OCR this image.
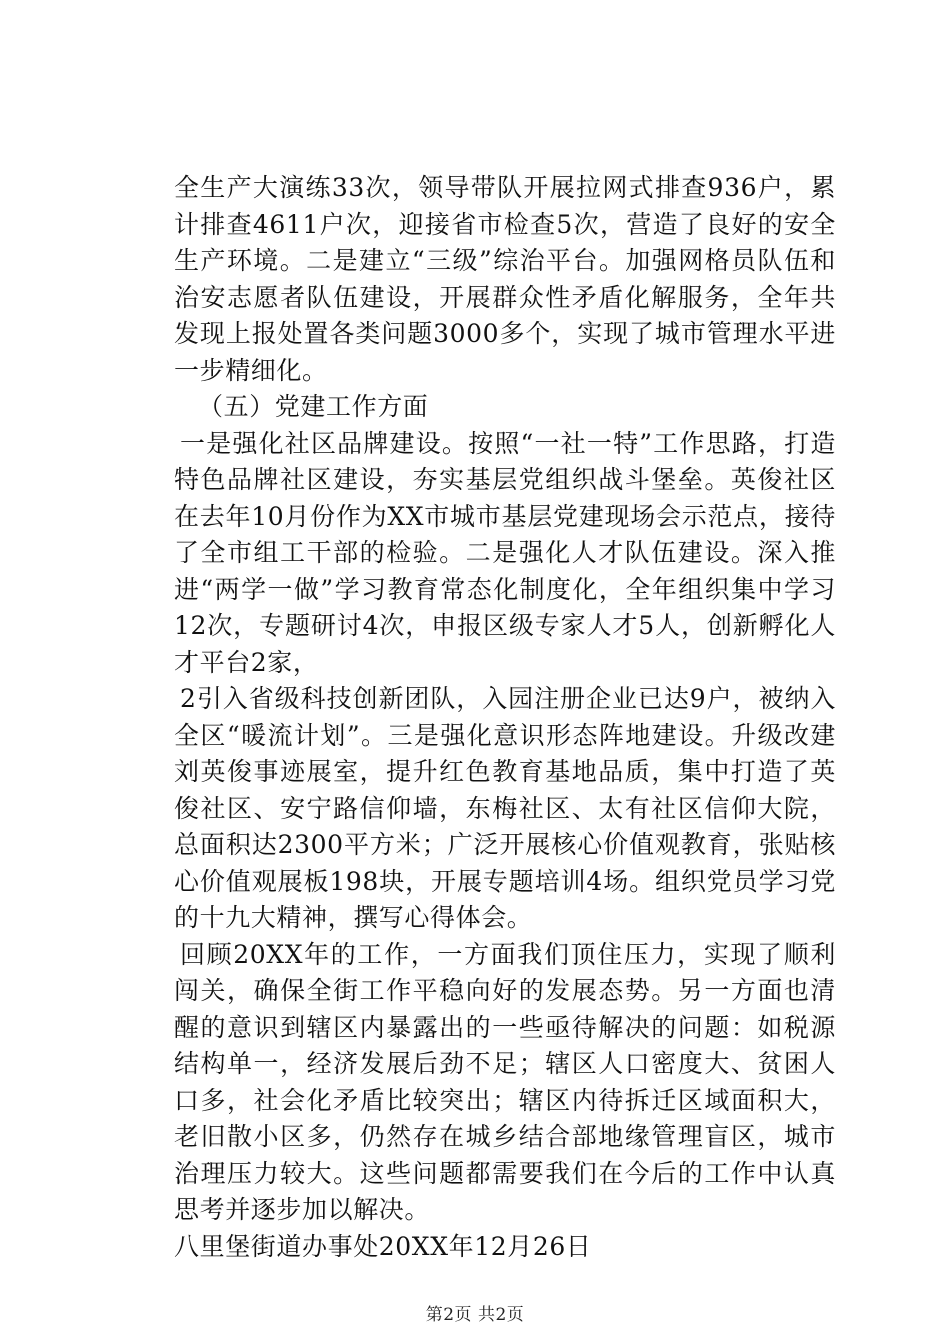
全生产大演练33次，领导带队开展拉网式排查936户，累计排查4611户次，迎接省市检查5次，营造了良好的安全生产环境。二是建立“三级”综治平台。加强网格员队伍和治安志愿者队伍建设，开展群众性矛盾化解服务，全年共发现上报处置各类问题3000多个，实现了城市管理水平进一步精细化。

（五）党建工作方面

一是强化社区品牌建设。按照“一社一特”工作思路，打造特色品牌社区建设，夯实基层党组织战斗堡垒。英俊社区在去年10月份作为XX市城市基层党建现场会示范点，接待了全市组工干部的检验。二是强化人才队伍建设。深入推进“两学一做”学习教育常态化制度化，全年组织集中学习12次，专题研讨4次，申报区级专家人才5人，创新孵化人才平台2家，

2引入省级科技创新团队，入园注册企业已达9户，被纳入全区“暖流计划”。三是强化意识形态阵地建设。升级改建刘英俊事迹展室，提升红色教育基地品质，集中打造了英俊社区、安宁路信仰墙，东梅社区、太有社区信仰大院，总面积达2300平方米；广泛开展核心价值观教育，张贴核心价值观展板198块，开展专题培训4场。组织党员学习党的十九大精神，撰写心得体会。

回顾20XX年的工作，一方面我们顶住压力，实现了顺利闯关，确保全街工作平稳向好的发展态势。另一方面也清醒的意识到辖区内暴露出的一些亟待解决的问题：如税源结构单一，经济发展后劲不足；辖区人口密度大、贫困人口多，社会化矛盾比较突出；辖区内待拆迁区域面积大，老旧散小区多，仍然存在城乡结合部地缘管理盲区，城市治理压力较大。这些问题都需要我们在今后的工作中认真思考并逐步加以解决。

八里堡街道办事处20XX年12月26日

第2页 共2页
